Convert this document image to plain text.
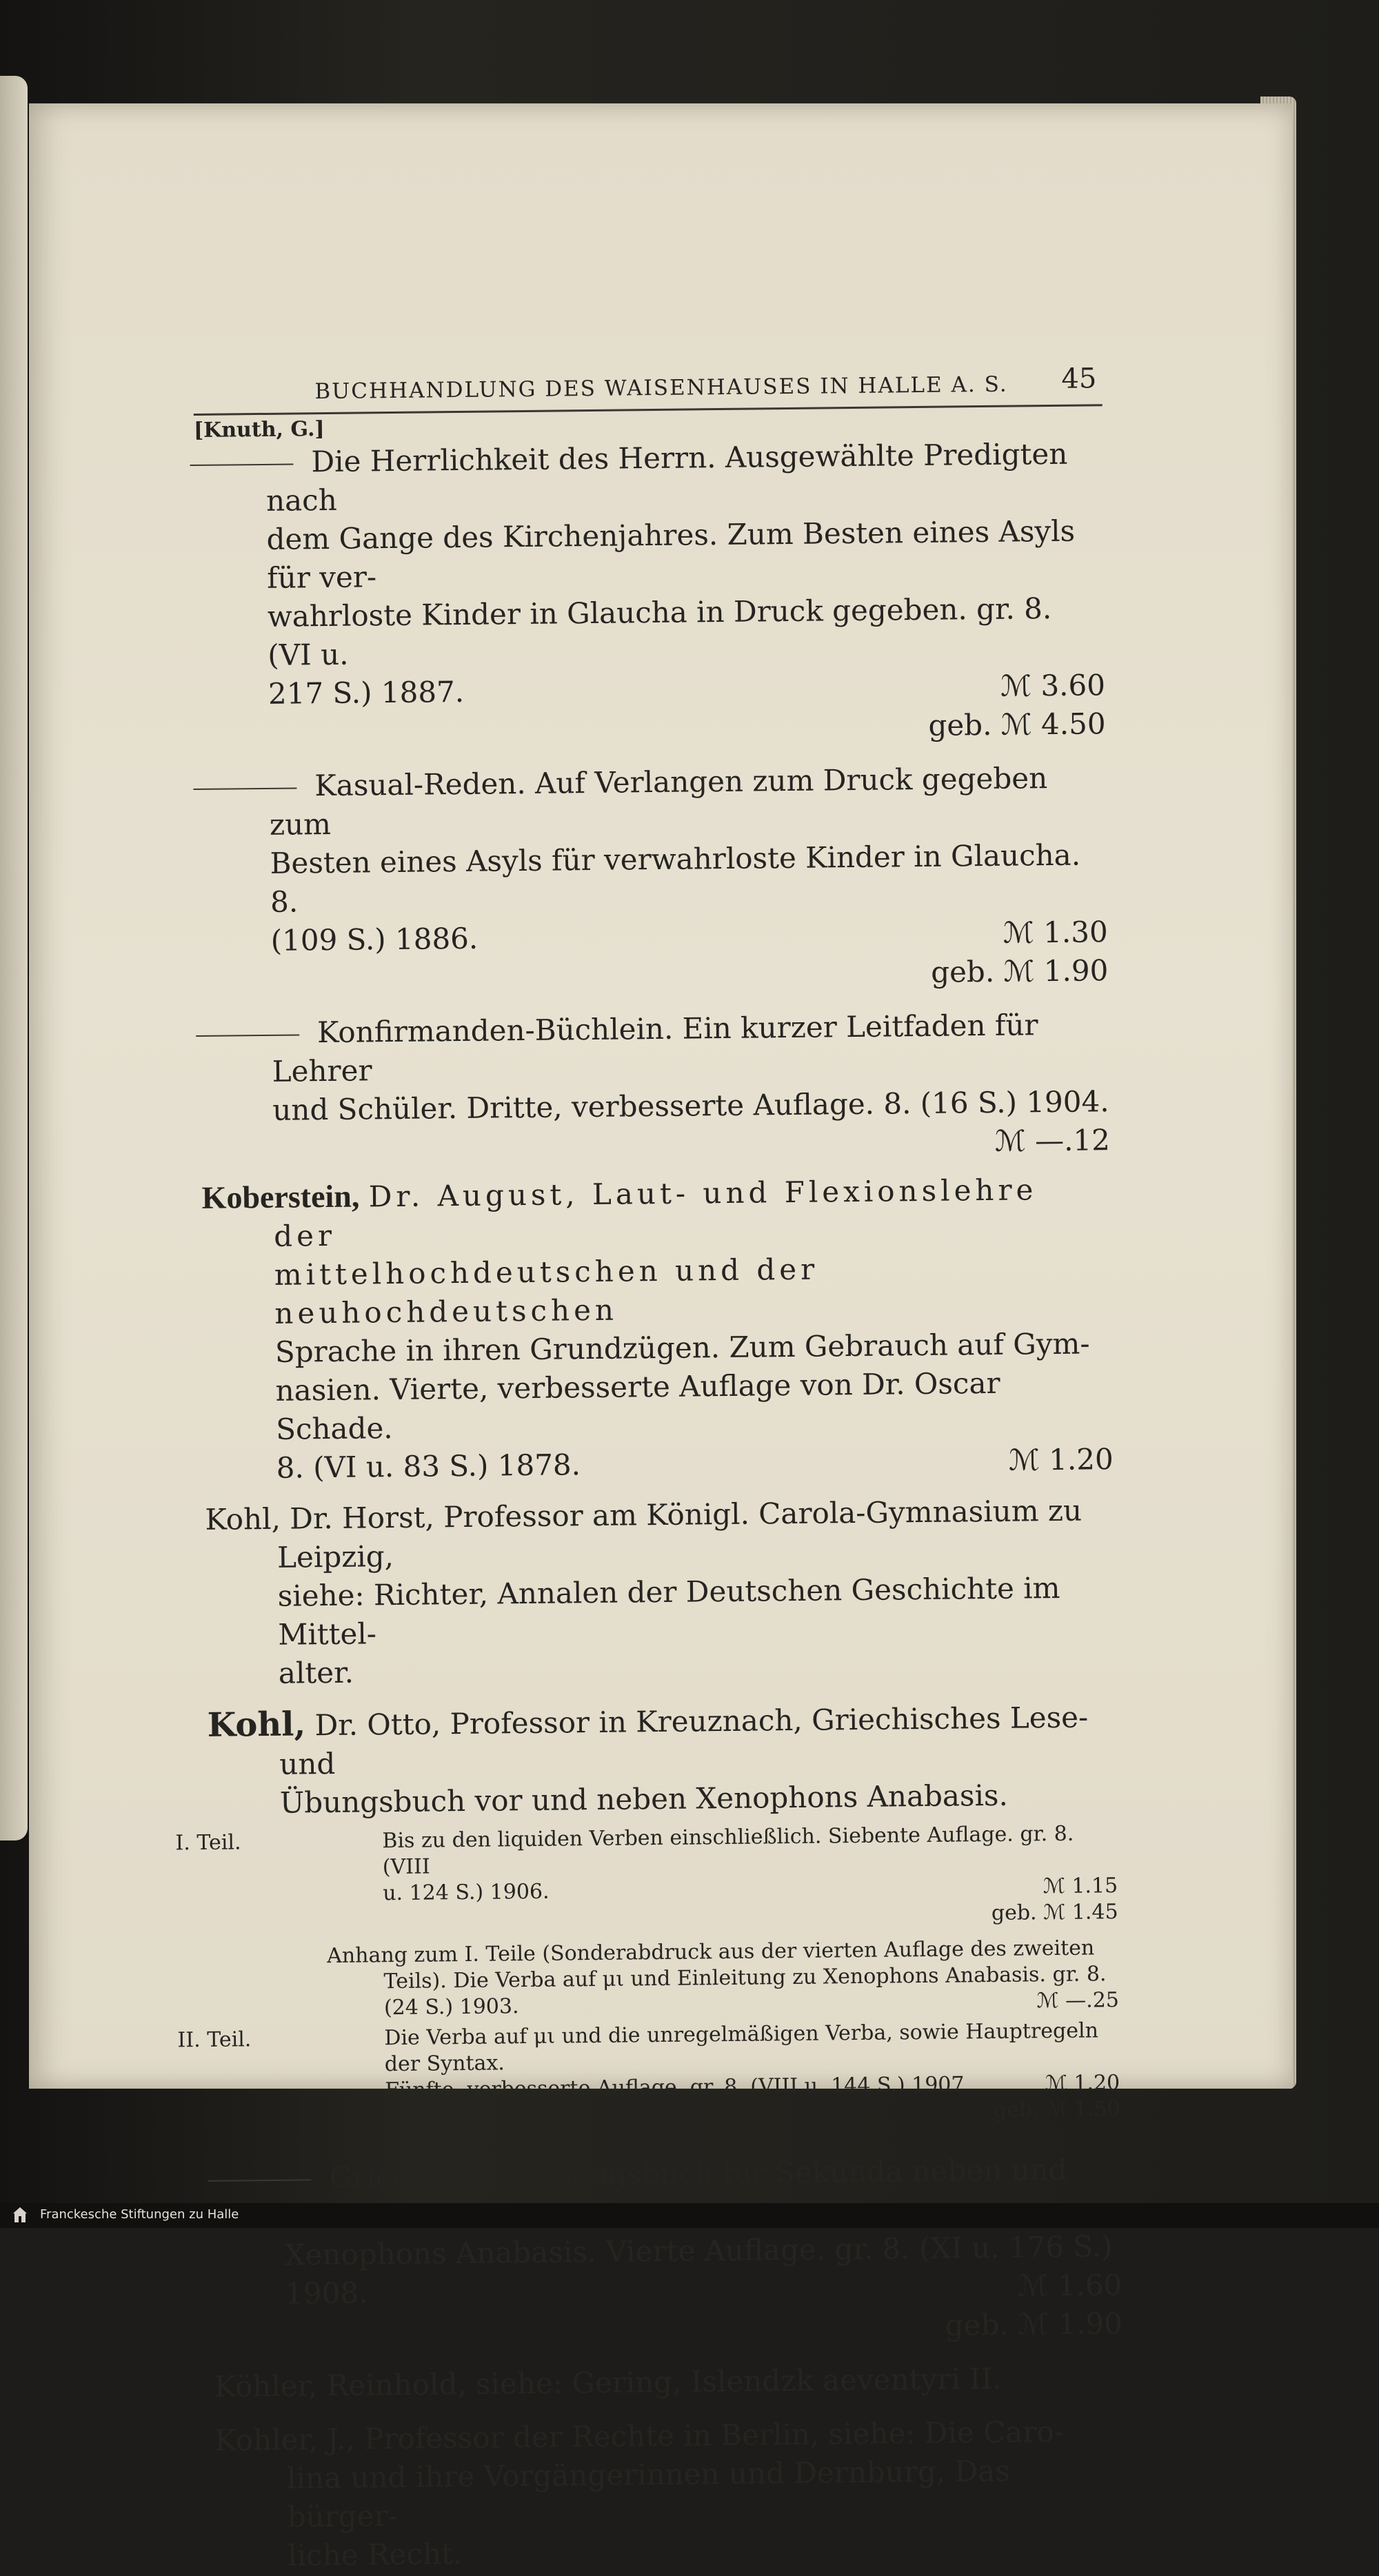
BUCHHANDLUNG DES WAISENHAUSES IN HALLE A. S. 45
[Knuth, G.]

Die Herrlichkeit des Herrn. Ausgewählte Predigten nach

dem Gange des Kirchenjahres. Zum Besten eines Asyls für ver-

wahrloste Kinder in Glaucha in Druck gegeben. gr. 8. (VI u.

217 S.) 1887.	ℳ 3.60

geb. ℳ 4.50

Kasual-Reden. Auf Verlangen zum Druck gegeben zum

Besten eines Asyls für verwahrloste Kinder in Glaucha. 8.

(109 S.) 1886.	ℳ 1.30

geb. ℳ 1.90

Konfirmanden-Büchlein. Ein kurzer Leitfaden für Lehrer

und Schüler. Dritte, verbesserte Auflage. 8. (16 S.) 1904.

ℳ —.12

Koberstein, Dr. August, Laut- und Flexionslehre der

mittelhochdeutschen und der neuhochdeutschen

Sprache in ihren Grundzügen. Zum Gebrauch auf Gym-

nasien. Vierte, verbesserte Auflage von Dr. Oscar Schade.

8. (VI u. 83 S.) 1878.	ℳ 1.20

Kohl, Dr. Horst, Professor am Königl. Carola-Gymnasium zu Leipzig,

siehe: Richter, Annalen der Deutschen Geschichte im Mittel-

alter.

Kohl, Dr. Otto, Professor in Kreuznach, Griechisches Lese- und

Übungsbuch vor und neben Xenophons Anabasis.

I. Teil.	Bis zu den liquiden Verben einschließlich. Siebente Auflage. gr. 8. (VIII

u. 124 S.) 1906.	ℳ 1.15

geb. ℳ 1.45

Anhang zum I. Teile (Sonderabdruck aus der vierten Auflage des zweiten

Teils). Die Verba auf μι und Einleitung zu Xenophons Anabasis. gr. 8.

(24 S.) 1903.	ℳ —.25

II. Teil.	Die Verba auf μι und die unregelmäßigen Verba, sowie Hauptregeln der Syntax.

Fünfte, verbesserte Auflage. gr. 8. (VIII u. 144 S.) 1907.	ℳ 1.20

geb. ℳ 1.50

Griechisches Übungsbuch für Sekunda neben und

Xenophons Anabasis. Vierte Auflage. gr. 8. (XI u. 176 S.)

1908.	ℳ 1.60

geb. ℳ 1.90

Köhler, Reinhold, siehe: Gering, Islendzk aeventyri II.

Kohler, J., Professor der Rechte in Berlin, siehe: Die Caro-

lina und ihre Vorgängerinnen und Dernburg, Das bürger-

liche Recht.

Franckesche Stiftungen zu Halle
